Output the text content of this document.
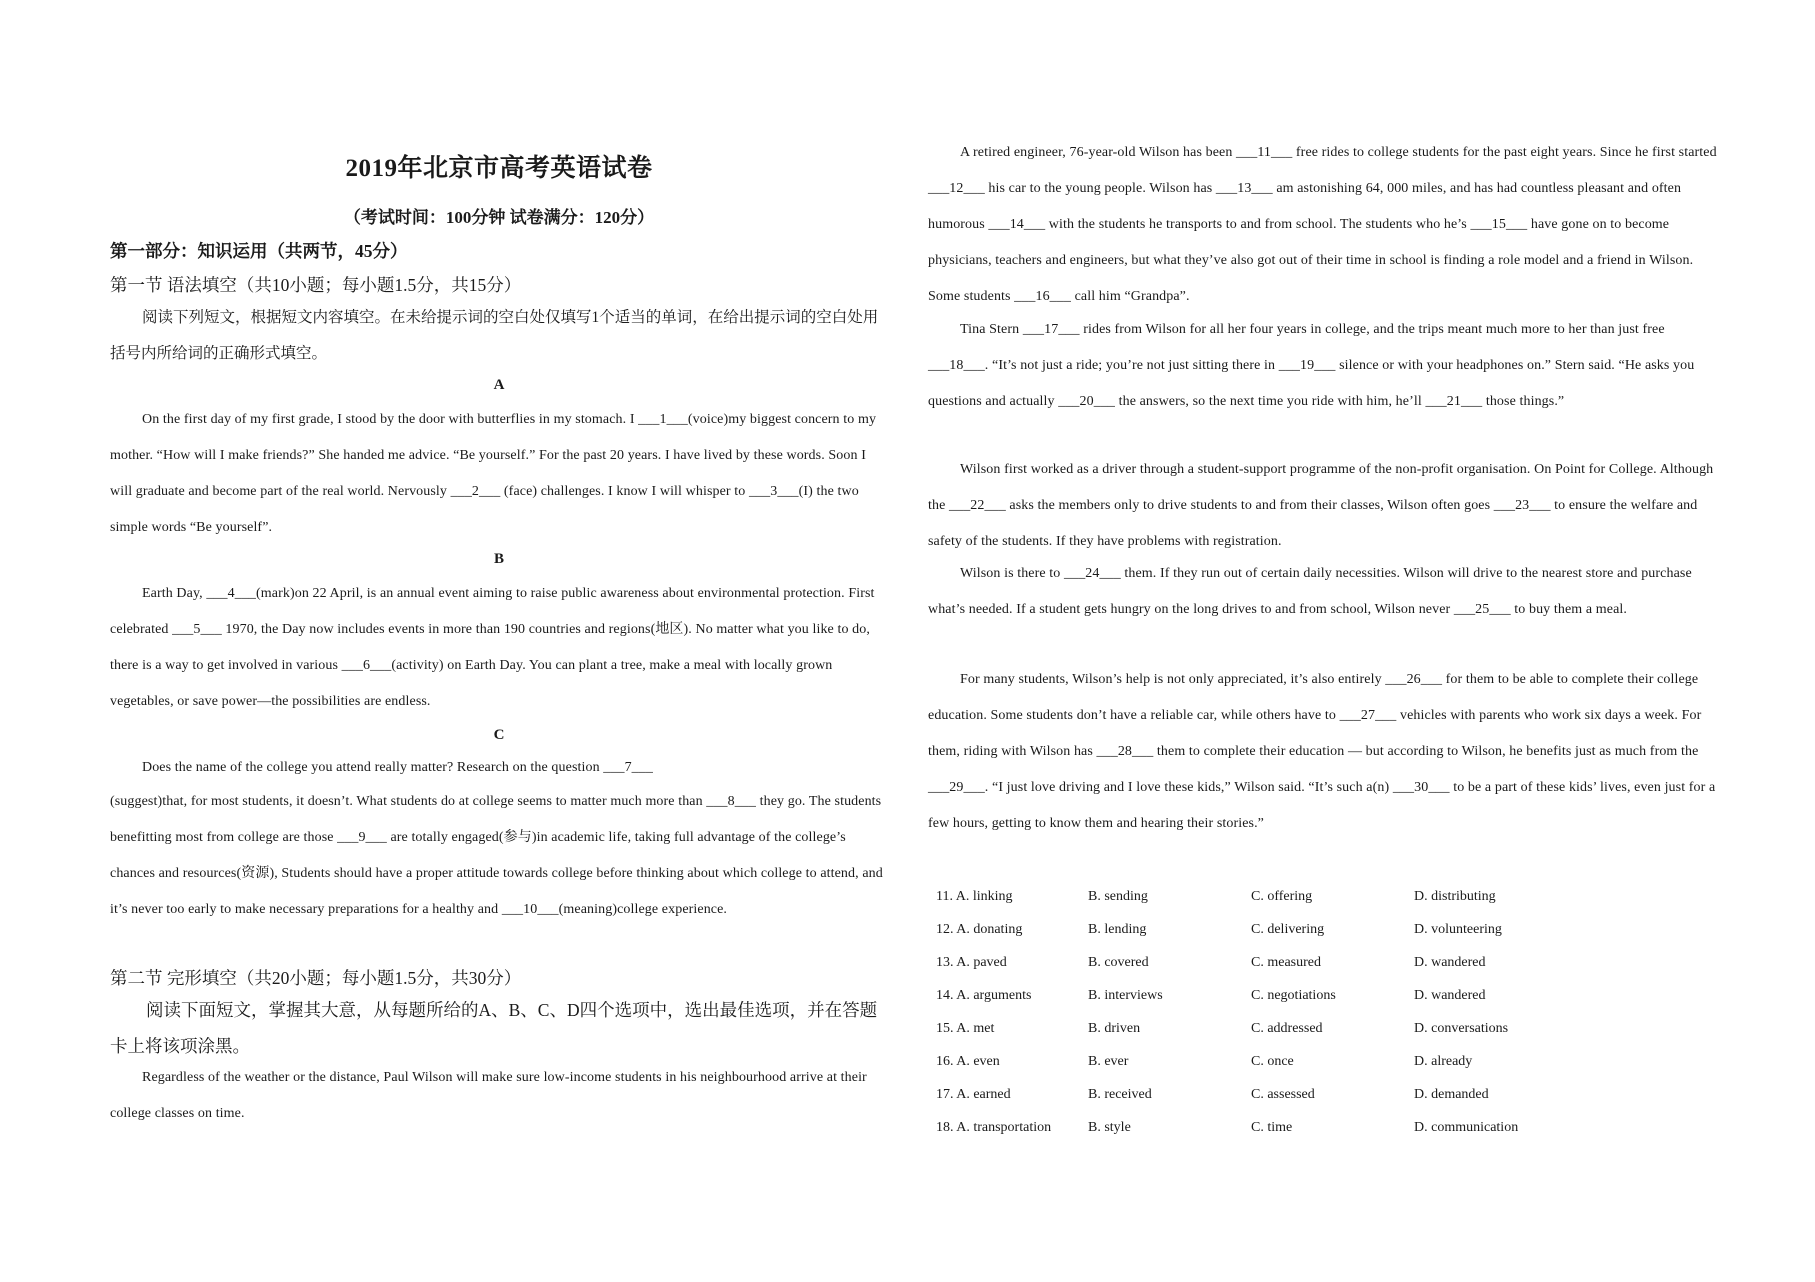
2019年北京市高考英语试卷
（考试时间：100分钟 试卷满分：120分）
第一部分：知识运用（共两节，45分）
第一节 语法填空（共10小题；每小题1.5分，共15分）

阅读下列短文，根据短文内容填空。在未给提示词的空白处仅填写1个适当的单词，在给出提示词的空白处用括号内所给词的正确形式填空。

A

On the first day of my first grade, I stood by the door with butterflies in my stomach. I ___1___(voice)my biggest concern to my mother. “How will I make friends?” She handed me advice. “Be yourself.” For the past 20 years. I have lived by these words. Soon I will graduate and become part of the real world. Nervously ___2___ (face) challenges. I know I will whisper to ___3___(I) the two simple words “Be yourself”.

B

Earth Day, ___4___(mark)on 22 April, is an annual event aiming to raise public awareness about environmental protection. First celebrated ___5___ 1970, the Day now includes events in more than 190 countries and regions(地区). No matter what you like to do, there is a way to get involved in various ___6___(activity) on Earth Day. You can plant a tree, make a meal with locally grown vegetables, or save power—the possibilities are endless.

C

Does the name of the college you attend really matter? Research on the question ___7___

(suggest)that, for most students, it doesn’t. What students do at college seems to matter much more than ___8___ they go. The students benefitting most from college are those ___9___ are totally engaged(参与)in academic life, taking full advantage of the college’s chances and resources(资源), Students should have a proper attitude towards college before thinking about which college to attend, and it’s never too early to make necessary preparations for a healthy and ___10___(meaning)college experience.

第二节 完形填空（共20小题；每小题1.5分，共30分）

阅读下面短文，掌握其大意，从每题所给的A、B、C、D四个选项中，选出最佳选项，并在答题卡上将该项涂黑。

Regardless of the weather or the distance, Paul Wilson will make sure low-income students in his neighbourhood arrive at their college classes on time.

A retired engineer, 76-year-old Wilson has been ___11___ free rides to college students for the past eight years. Since he first started ___12___ his car to the young people. Wilson has ___13___ am astonishing 64, 000 miles, and has had countless pleasant and often humorous ___14___ with the students he transports to and from school. The students who he’s ___15___ have gone on to become physicians, teachers and engineers, but what they’ve also got out of their time in school is finding a role model and a friend in Wilson. Some students ___16___ call him “Grandpa”.

Tina Stern ___17___ rides from Wilson for all her four years in college, and the trips meant much more to her than just free ___18___. “It’s not just a ride; you’re not just sitting there in ___19___ silence or with your headphones on.” Stern said. “He asks you questions and actually ___20___ the answers, so the next time you ride with him, he’ll ___21___ those things.”

Wilson first worked as a driver through a student-support programme of the non-profit organisation. On Point for College. Although the ___22___ asks the members only to drive students to and from their classes, Wilson often goes ___23___ to ensure the welfare and safety of the students. If they have problems with registration.

Wilson is there to ___24___ them. If they run out of certain daily necessities. Wilson will drive to the nearest store and purchase what’s needed. If a student gets hungry on the long drives to and from school, Wilson never ___25___ to buy them a meal.

For many students, Wilson’s help is not only appreciated, it’s also entirely ___26___ for them to be able to complete their college education. Some students don’t have a reliable car, while others have to ___27___ vehicles with parents who work six days a week. For them, riding with Wilson has ___28___ them to complete their education — but according to Wilson, he benefits just as much from the ___29___. “I just love driving and I love these kids,” Wilson said. “It’s such a(n) ___30___ to be a part of these kids’ lives, even just for a few hours, getting to know them and hearing their stories.”

11. A. linking	B. sending	C. offering	D. distributing
12. A. donating	B. lending	C. delivering	D. volunteering
13. A. paved	B. covered	C. measured	D. wandered
14. A. arguments	B. interviews	C. negotiations	D. wandered
15. A. met	B. driven	C. addressed	D. conversations
16. A. even	B. ever	C. once	D. already
17. A. earned	B. received	C. assessed	D. demanded
18. A. transportation	B. style	C. time	D. communication
